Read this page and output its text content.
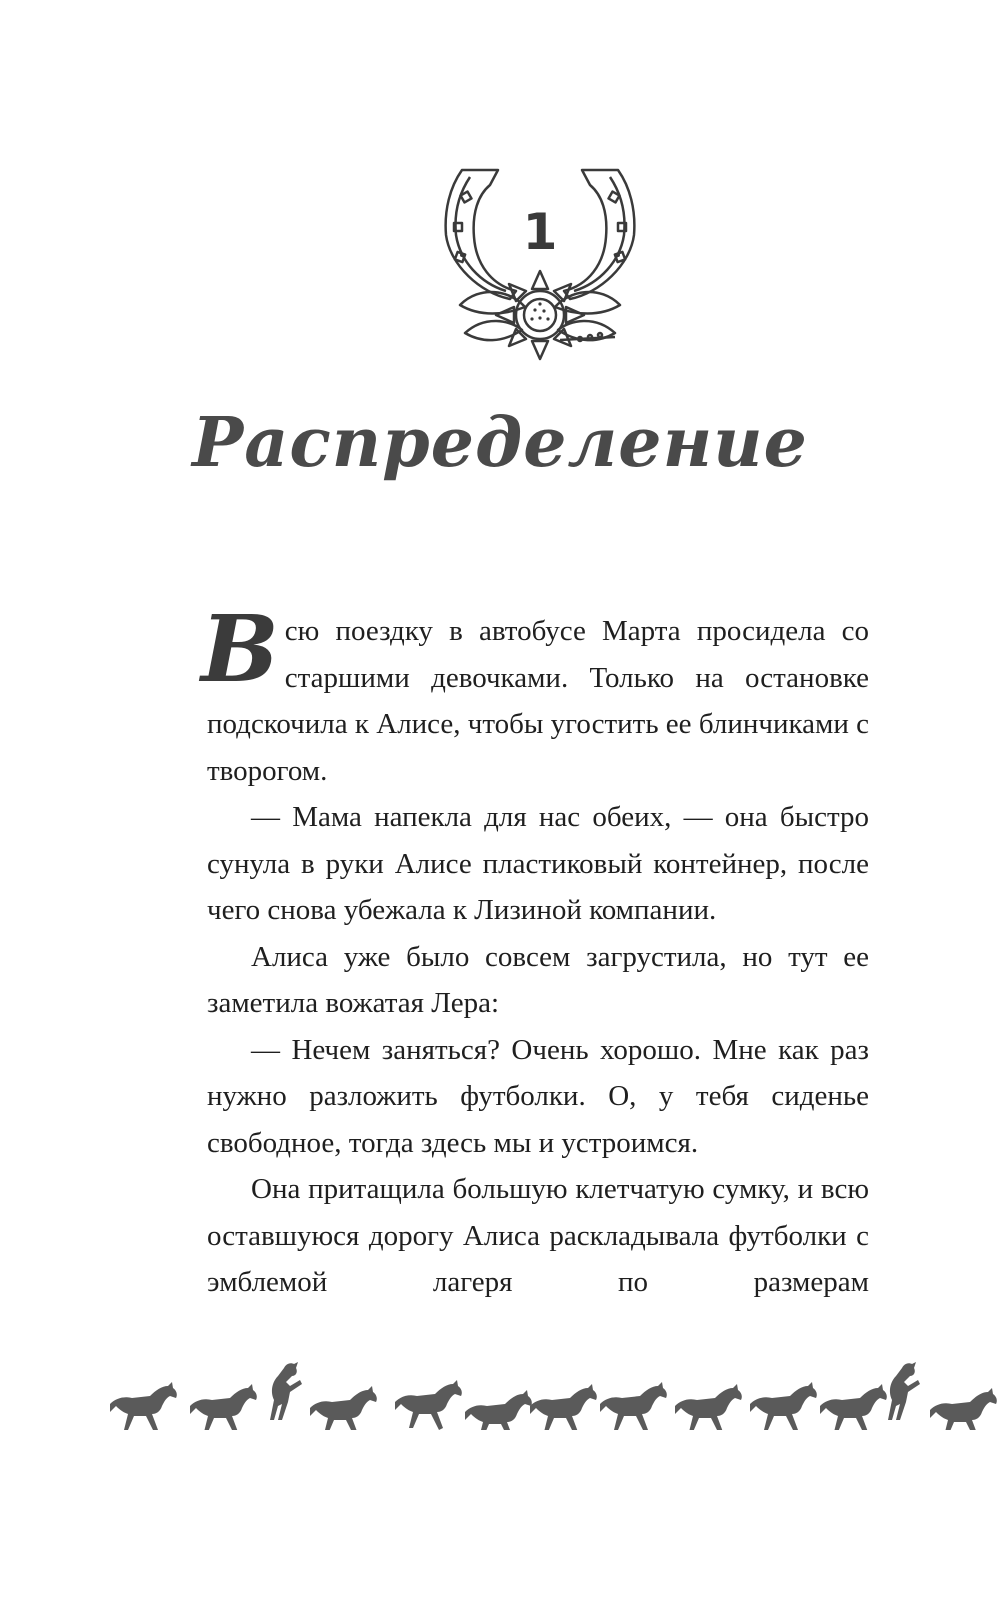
1
Распределение

Всю поездку в автобусе Марта просидела со старшими девочками. Только на остановке подскочила к Алисе, чтобы угостить ее блинчиками с творогом.

— Мама напекла для нас обеих, — она быстро сунула в руки Алисе пластиковый контейнер, после чего снова убежала к Лизиной компании.

Алиса уже было совсем загрустила, но тут ее заметила вожатая Лера:

— Нечем заняться? Очень хорошо. Мне как раз нужно разложить футболки. О, у тебя сиденье свободное, тогда здесь мы и устроимся.

Она притащила большую клетчатую сумку, и всю оставшуюся дорогу Алиса раскладывала футболки с эмблемой лагеря по размерам
